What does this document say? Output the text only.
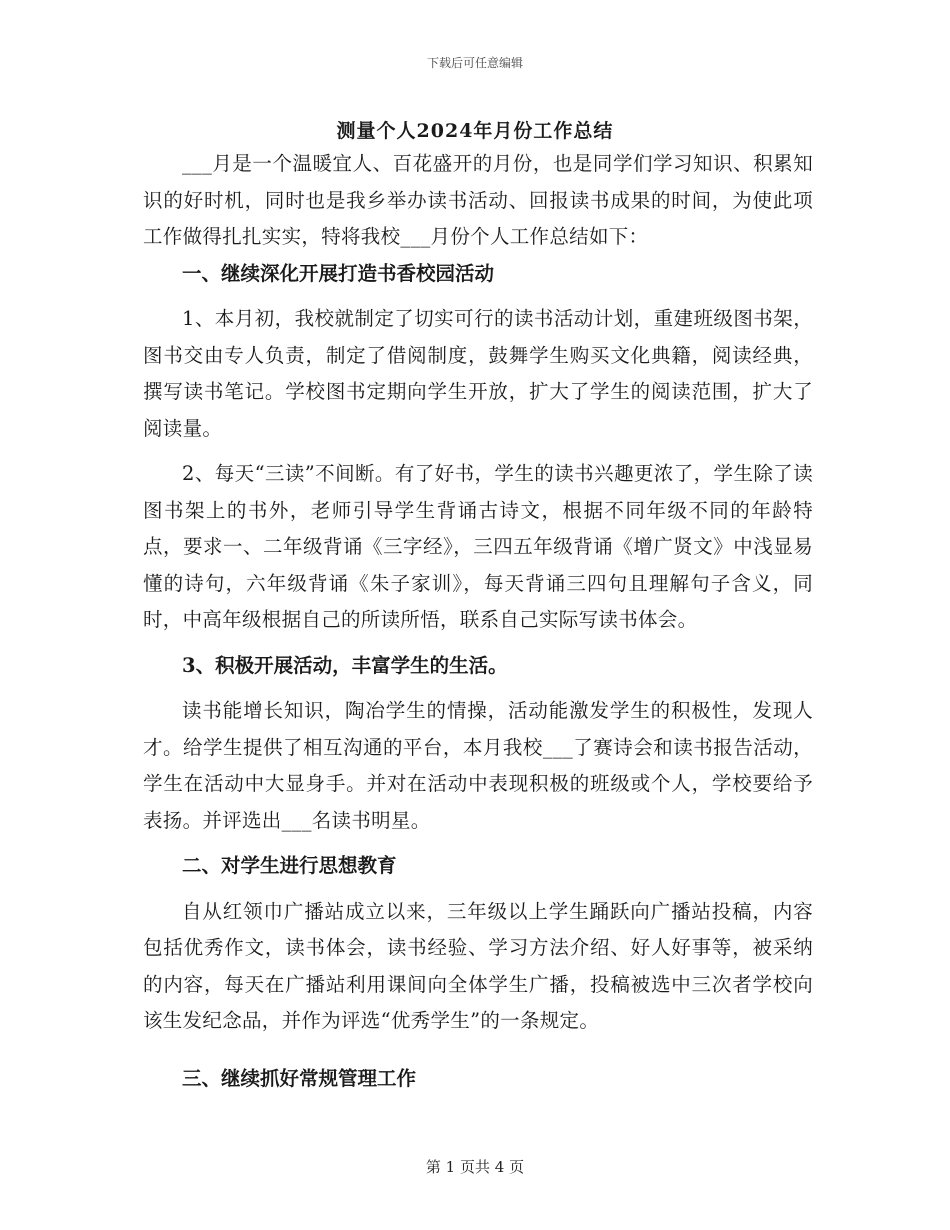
下载后可任意编辑
测量个人2024年月份工作总结

___月是一个温暖宜人、百花盛开的月份，也是同学们学习知识、积累知识的好时机，同时也是我乡举办读书活动、回报读书成果的时间，为使此项工作做得扎扎实实，特将我校___月份个人工作总结如下：

一、继续深化开展打造书香校园活动

1、本月初，我校就制定了切实可行的读书活动计划，重建班级图书架，图书交由专人负责，制定了借阅制度，鼓舞学生购买文化典籍，阅读经典，撰写读书笔记。学校图书定期向学生开放，扩大了学生的阅读范围，扩大了阅读量。

2、每天“三读”不间断。有了好书，学生的读书兴趣更浓了，学生除了读图书架上的书外，老师引导学生背诵古诗文，根据不同年级不同的年龄特点，要求一、二年级背诵《三字经》，三四五年级背诵《增广贤文》中浅显易懂的诗句，六年级背诵《朱子家训》，每天背诵三四句且理解句子含义，同时，中高年级根据自己的所读所悟，联系自己实际写读书体会。

3、积极开展活动，丰富学生的生活。

读书能增长知识，陶冶学生的情操，活动能激发学生的积极性，发现人才。给学生提供了相互沟通的平台，本月我校___了赛诗会和读书报告活动，学生在活动中大显身手。并对在活动中表现积极的班级或个人，学校要给予表扬。并评选出___名读书明星。

二、对学生进行思想教育

自从红领巾广播站成立以来，三年级以上学生踊跃向广播站投稿，内容包括优秀作文，读书体会，读书经验、学习方法介绍、好人好事等，被采纳的内容，每天在广播站利用课间向全体学生广播，投稿被选中三次者学校向该生发纪念品，并作为评选“优秀学生”的一条规定。

三、继续抓好常规管理工作

第 1 页共 4 页
